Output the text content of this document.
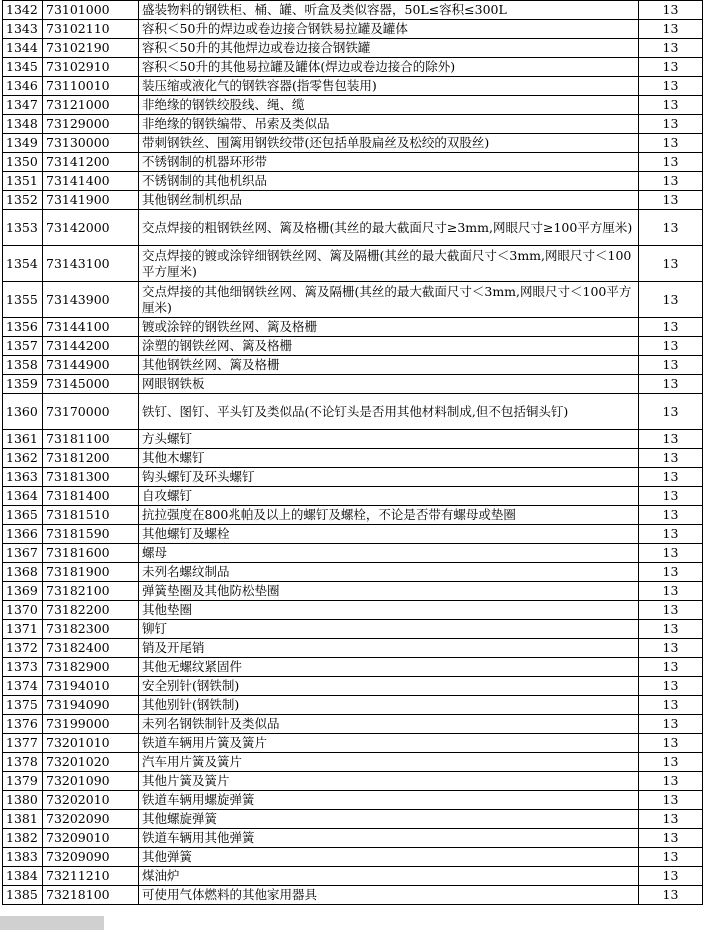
1342	73101000	盛装物料的钢铁柜、桶、罐、听盒及类似容器，50L≤容积≤300L	13
1343	73102110	容积＜50升的焊边或卷边接合钢铁易拉罐及罐体	13
1344	73102190	容积＜50升的其他焊边或卷边接合钢铁罐	13
1345	73102910	容积＜50升的其他易拉罐及罐体(焊边或卷边接合的除外)	13
1346	73110010	装压缩或液化气的钢铁容器(指零售包装用)	13
1347	73121000	非绝缘的钢铁绞股线、绳、缆	13
1348	73129000	非绝缘的钢铁编带、吊索及类似品	13
1349	73130000	带刺钢铁丝、围篱用钢铁绞带(还包括单股扁丝及松绞的双股丝)	13
1350	73141200	不锈钢制的机器环形带	13
1351	73141400	不锈钢制的其他机织品	13
1352	73141900	其他钢丝制机织品	13
1353	73142000	交点焊接的粗钢铁丝网、篱及格栅(其丝的最大截面尺寸≥3mm,网眼尺寸≥100平方厘米)	13
1354	73143100	交点焊接的镀或涂锌细钢铁丝网、篱及隔栅(其丝的最大截面尺寸＜3mm,网眼尺寸＜100平方厘米)	13
1355	73143900	交点焊接的其他细钢铁丝网、篱及隔栅(其丝的最大截面尺寸＜3mm,网眼尺寸＜100平方厘米)	13
1356	73144100	镀或涂锌的钢铁丝网、篱及格栅	13
1357	73144200	涂塑的钢铁丝网、篱及格栅	13
1358	73144900	其他钢铁丝网、篱及格栅	13
1359	73145000	网眼钢铁板	13
1360	73170000	铁钉、图钉、平头钉及类似品(不论钉头是否用其他材料制成,但不包括铜头钉)	13
1361	73181100	方头螺钉	13
1362	73181200	其他木螺钉	13
1363	73181300	钩头螺钉及环头螺钉	13
1364	73181400	自攻螺钉	13
1365	73181510	抗拉强度在800兆帕及以上的螺钉及螺栓，不论是否带有螺母或垫圈	13
1366	73181590	其他螺钉及螺栓	13
1367	73181600	螺母	13
1368	73181900	未列名螺纹制品	13
1369	73182100	弹簧垫圈及其他防松垫圈	13
1370	73182200	其他垫圈	13
1371	73182300	铆钉	13
1372	73182400	销及开尾销	13
1373	73182900	其他无螺纹紧固件	13
1374	73194010	安全别针(钢铁制)	13
1375	73194090	其他别针(钢铁制)	13
1376	73199000	未列名钢铁制针及类似品	13
1377	73201010	铁道车辆用片簧及簧片	13
1378	73201020	汽车用片簧及簧片	13
1379	73201090	其他片簧及簧片	13
1380	73202010	铁道车辆用螺旋弹簧	13
1381	73202090	其他螺旋弹簧	13
1382	73209010	铁道车辆用其他弹簧	13
1383	73209090	其他弹簧	13
1384	73211210	煤油炉	13
1385	73218100	可使用气体燃料的其他家用器具	13
